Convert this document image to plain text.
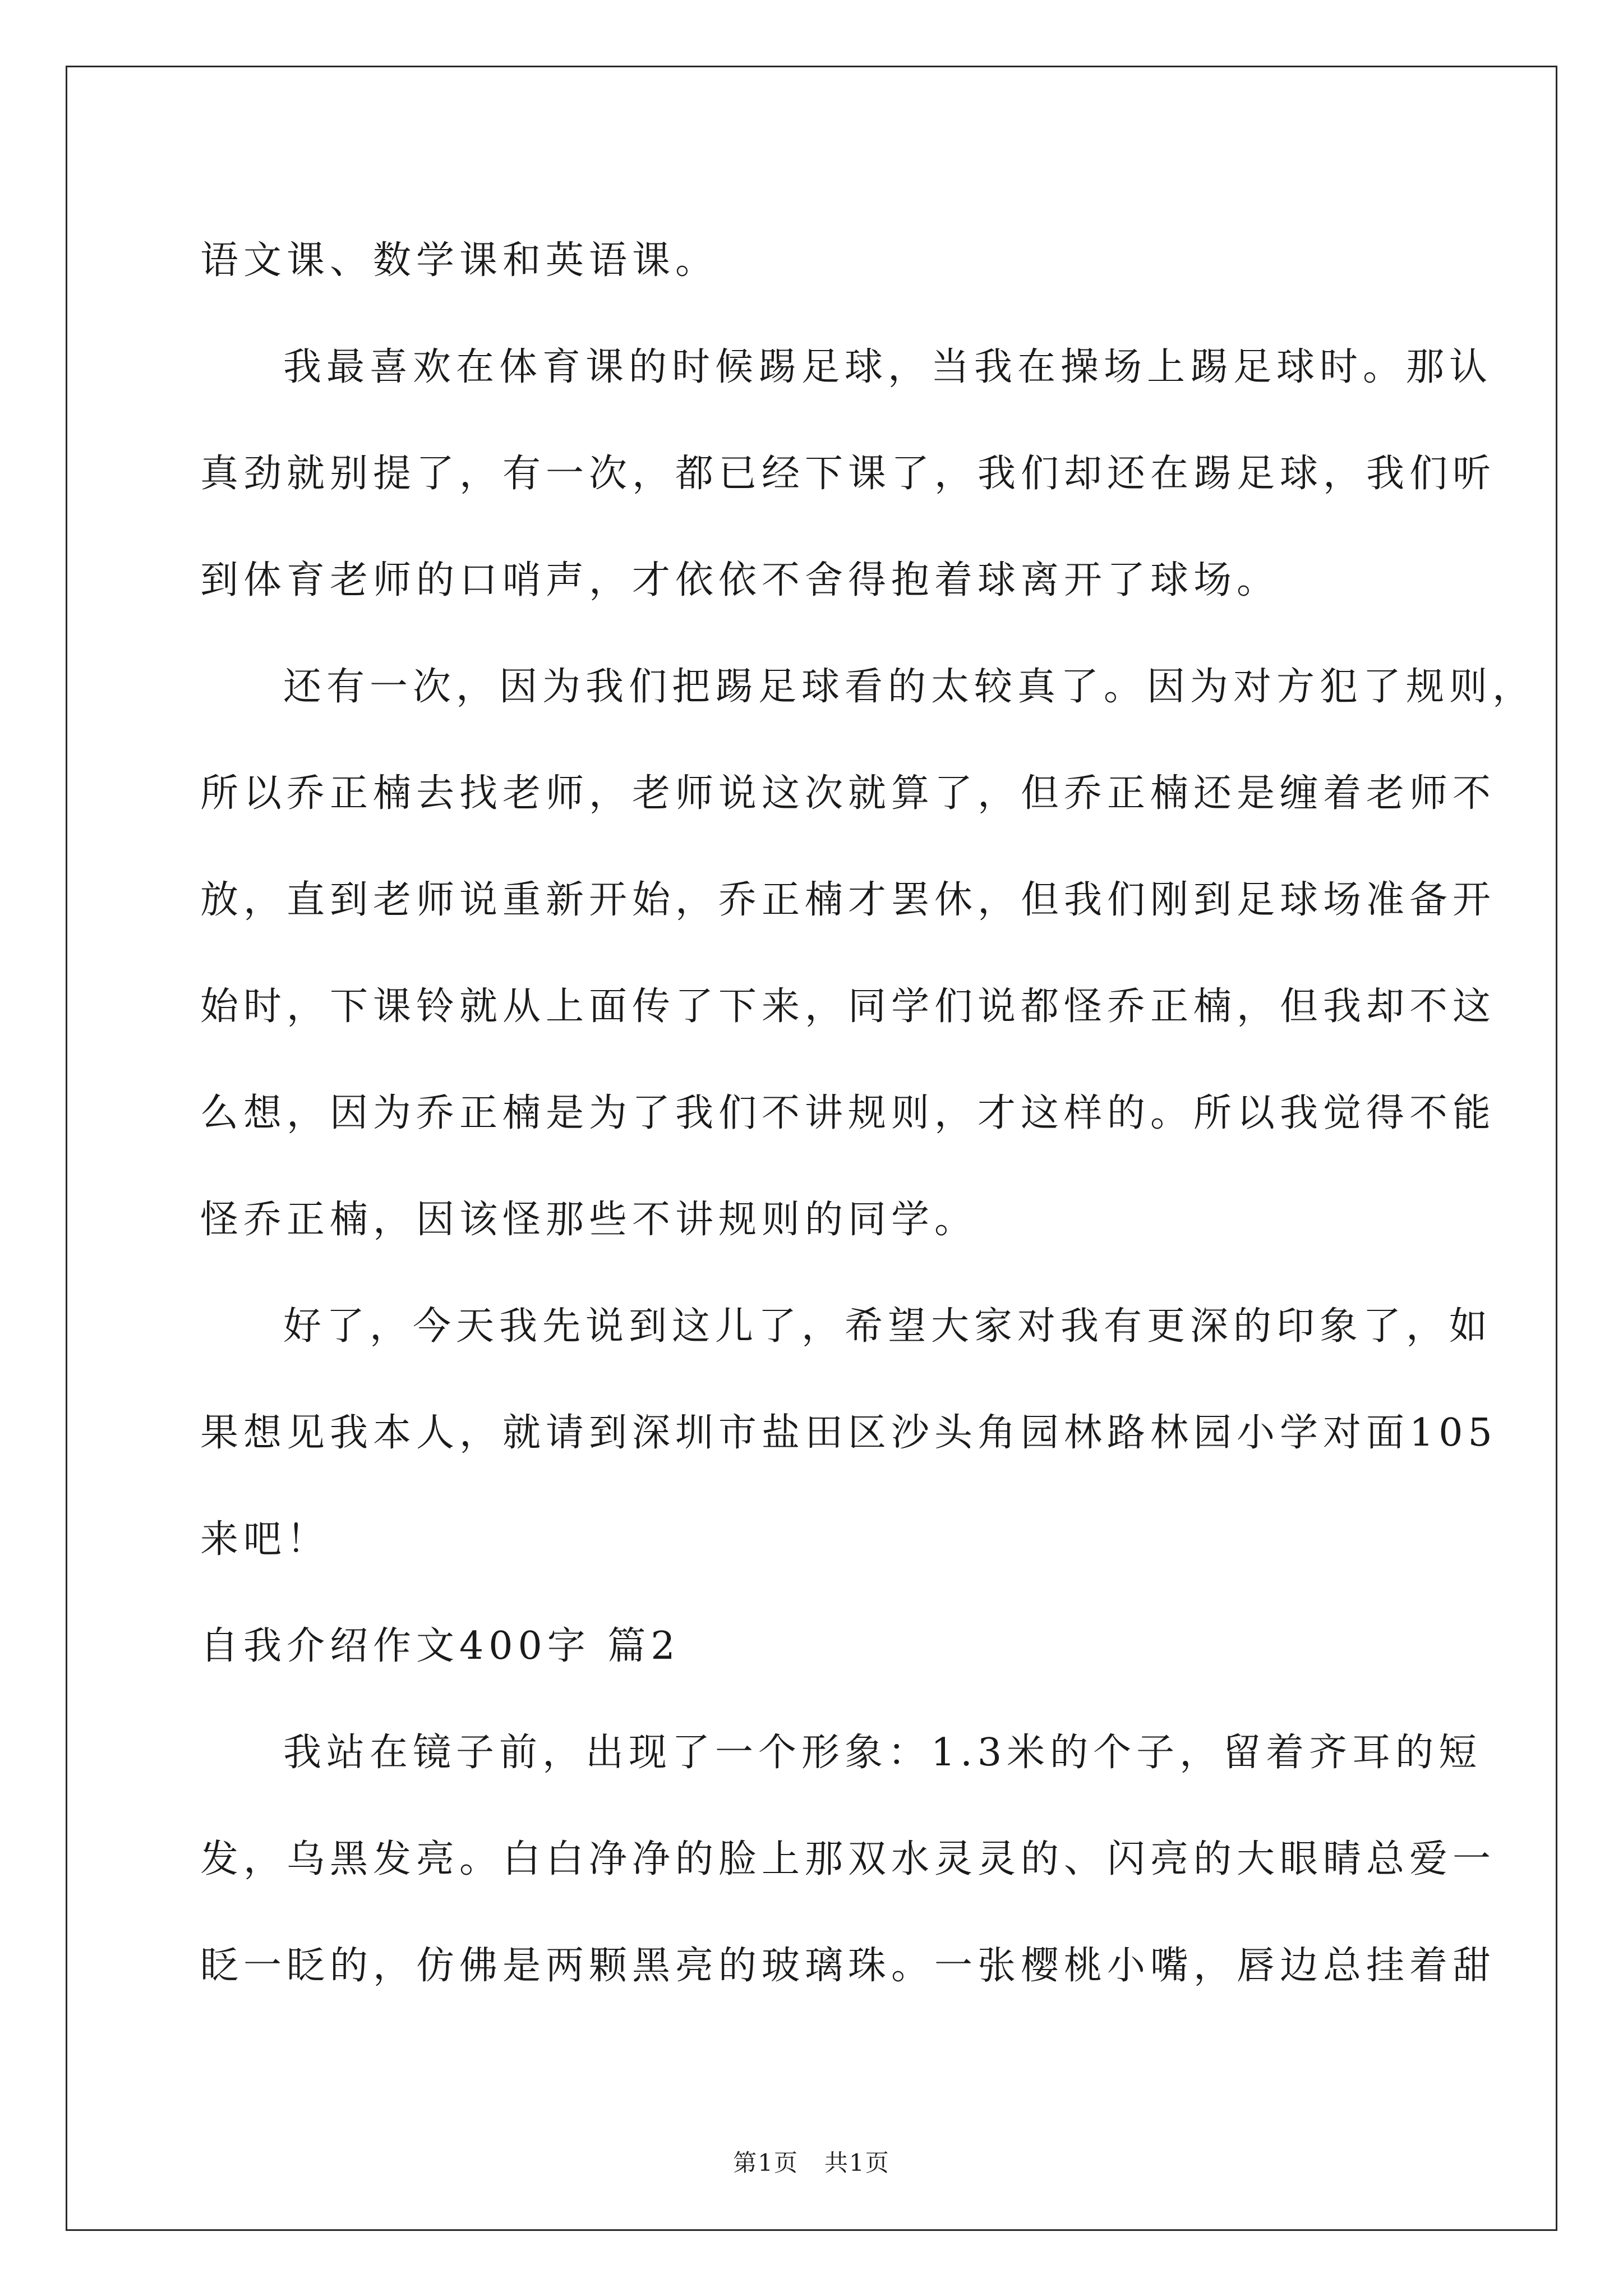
语文课、数学课和英语课。
我最喜欢在体育课的时候踢足球，当我在操场上踢足球时。那认
真劲就别提了，有一次，都已经下课了，我们却还在踢足球，我们听
到体育老师的口哨声，才依依不舍得抱着球离开了球场。
还有一次，因为我们把踢足球看的太较真了。因为对方犯了规则，
所以乔正楠去找老师，老师说这次就算了，但乔正楠还是缠着老师不
放，直到老师说重新开始，乔正楠才罢休，但我们刚到足球场准备开
始时，下课铃就从上面传了下来，同学们说都怪乔正楠，但我却不这
么想，因为乔正楠是为了我们不讲规则，才这样的。所以我觉得不能
怪乔正楠，因该怪那些不讲规则的同学。
好了，今天我先说到这儿了，希望大家对我有更深的印象了，如
果想见我本人，就请到深圳市盐田区沙头角园林路林园小学对面105
来吧！
自我介绍作文400字 篇2
我站在镜子前，出现了一个形象：1.3米的个子，留着齐耳的短
发，乌黑发亮。白白净净的脸上那双水灵灵的、闪亮的大眼睛总爱一
眨一眨的，仿佛是两颗黑亮的玻璃珠。一张樱桃小嘴，唇边总挂着甜
第1页   共1页
